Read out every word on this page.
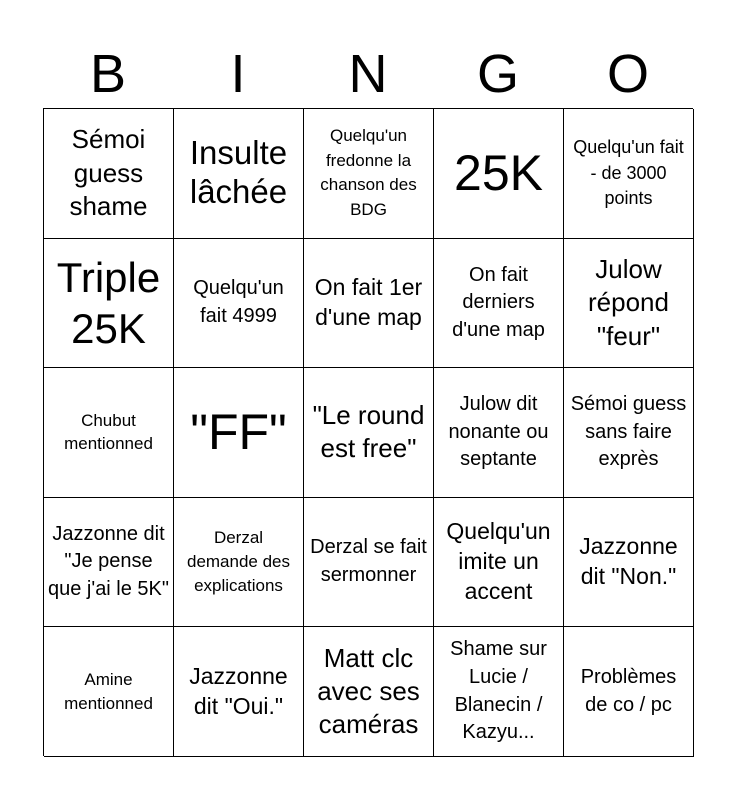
B	I	N	G	O
Sémoi guess shame
Insulte lâchée
Quelqu'un fredonne la chanson des BDG
25K Quelqu'un fait - de 3000 points
Triple 25K
Quelqu'un fait 4999
On fait 1er d'une map
On fait derniers d'une map
Julow répond "feur"
Chubut mentionned "FF" "Le round est free"
Julow dit nonante ou septante
Sémoi guess sans faire exprès
Jazzonne dit "Je pense que j'ai le 5K"
Derzal demande des explications
Derzal se fait sermonner
Quelqu'un imite un accent
Jazzonne dit "Non."
Amine mentionned
Jazzonne dit "Oui."
Matt clc avec ses caméras
Shame sur Lucie / Blanecin / Kazyu...
Problèmes de co / pc
